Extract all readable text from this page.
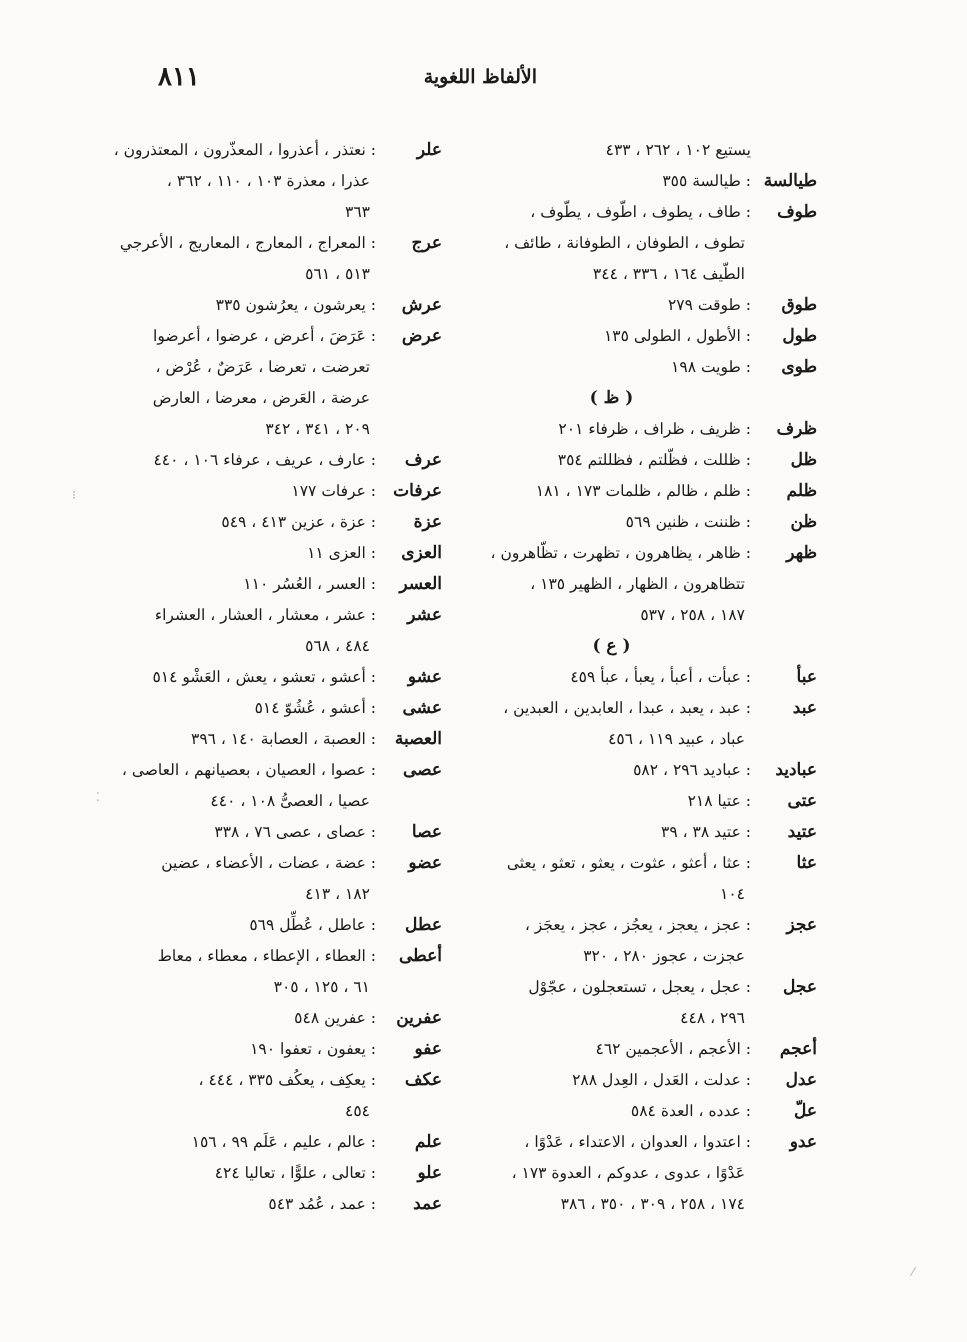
الألفاظ اللغوية
٨١١
يستيع ١٠٢ ، ٢٦٢ ، ٤٣٣
طيالسة
: طيالسة ٣٥٥
طوف
: طاف ، يطوف ، اطّوف ، يطّوف ،
تطوف ، الطوفان ، الطوفانة ، طائف ،
الطّيف ١٦٤ ، ٣٣٦ ، ٣٤٤
طوق
: طوقت ٢٧٩
طول
: الأطول ، الطولى ١٣٥
طوى
: طويت ١٩٨
( ظ )
ظرف
: ظريف ، ظراف ، ظرفاء ٢٠١
ظل
: ظللت ، فظّلتم ، فظللتم ٣٥٤
ظلم
: ظلم ، ظالم ، ظلمات ١٧٣ ، ١٨١
ظن
: ظننت ، ظنين ٥٦٩
ظهر
: ظاهر ، يظاهرون ، تظهرت ، تظّاهرون ،
تتظاهرون ، الظهار ، الظهير ١٣٥ ،
١٨٧ ، ٢٥٨ ، ٥٣٧
( ع )
عبأ
: عبأت ، أعبأ ، يعبأ ، عبأ ٤٥٩
عبد
: عبد ، يعبد ، عبدا ، العابدين ، العبدين ،
عباد ، عبيد ١١٩ ، ٤٥٦
عباديد
: عباديد ٢٩٦ ، ٥٨٢
عتى
: عتيا ٢١٨
عتيد
: عتيد ٣٨ ، ٣٩
عثا
: عثا ، أعثو ، عثوت ، يعثو ، تعثو ، يعثى
١٠٤
عجز
: عجز ، يعجز ، يعجُز ، عجز ، يعجَز ،
عجزت ، عجوز ٢٨٠ ، ٣٢٠
عجل
: عجل ، يعجل ، تستعجلون ، عجّوْل
٢٩٦ ، ٤٤٨
أعجم
: الأعجم ، الأعجمين ٤٦٢
عدل
: عدلت ، العَدل ، العِدل ٢٨٨
علّ
: عدده ، العدة ٥٨٤
عدو
: اعتدوا ، العدوان ، الاعتداء ، عَدْوًا ،
عَدْوًا ، عدوى ، عدوكم ، العدوة ١٧٣ ،
١٧٤ ، ٢٥٨ ، ٣٠٩ ، ٣٥٠ ، ٣٨٦
علر
: نعتذر ، أعذروا ، المعذّرون ، المعتذرون ،
عذرا ، معذرة ١٠٣ ، ١١٠ ، ٣٦٢ ،
٣٦٣
عرج
: المعراج ، المعارج ، المعاريج ، الأعرجي
٥١٣ ، ٥٦١
عرش
: يعرشون ، يعرُشون ٣٣٥
عرض
: عَرَضَ ، أعرض ، عرضوا ، أعرضوا
تعرضت ، تعرضا ، عَرَضٌ ، عُرْض ،
عرضة ، العَرض ، معرضا ، العارض
٢٠٩ ، ٣٤١ ، ٣٤٢
عرف
: عارف ، عريف ، عرفاء ١٠٦ ، ٤٤٠
عرفات
: عرفات ١٧٧
عزة
: عزة ، عزين ٤١٣ ، ٥٤٩
العزى
: العزى ١١
العسر
: العسر ، العُسُر ١١٠
عشر
: عشر ، معشار ، العشار ، العشراء
٤٨٤ ، ٥٦٨
عشو
: أعشو ، تعشو ، يعش ، العَشْو ٥١٤
عشى
: أعشو ، عُشُوّ ٥١٤
العصبة
: العصبة ، العصابة ١٤٠ ، ٣٩٦
عصى
: عصوا ، العصيان ، بعصيانهم ، العاصى ،
عصيا ، العصىُّ ١٠٨ ، ٤٤٠
عصا
: عصاى ، عصى ٧٦ ، ٣٣٨
عضو
: عضة ، عضات ، الأعضاء ، عضين
١٨٢ ، ٤١٣
عطل
: عاطل ، عُطِّل ٥٦٩
أعطى
: العطاء ، الإعطاء ، معطاء ، معاط
٦١ ، ١٢٥ ، ٣٠٥
عفرين
: عفرين ٥٤٨
عفو
: يعفون ، تعفوا ١٩٠
عكف
: يعكِف ، يعكُف ٣٣٥ ، ٤٤٤ ،
٤٥٤
علم
: عالم ، عليم ، عَلَم ٩٩ ، ١٥٦
علو
: تعالى ، علوًّا ، تعاليا ٤٢٤
عمد
: عمد ، عُمُد ٥٤٣
⁝
⁚
⁄
